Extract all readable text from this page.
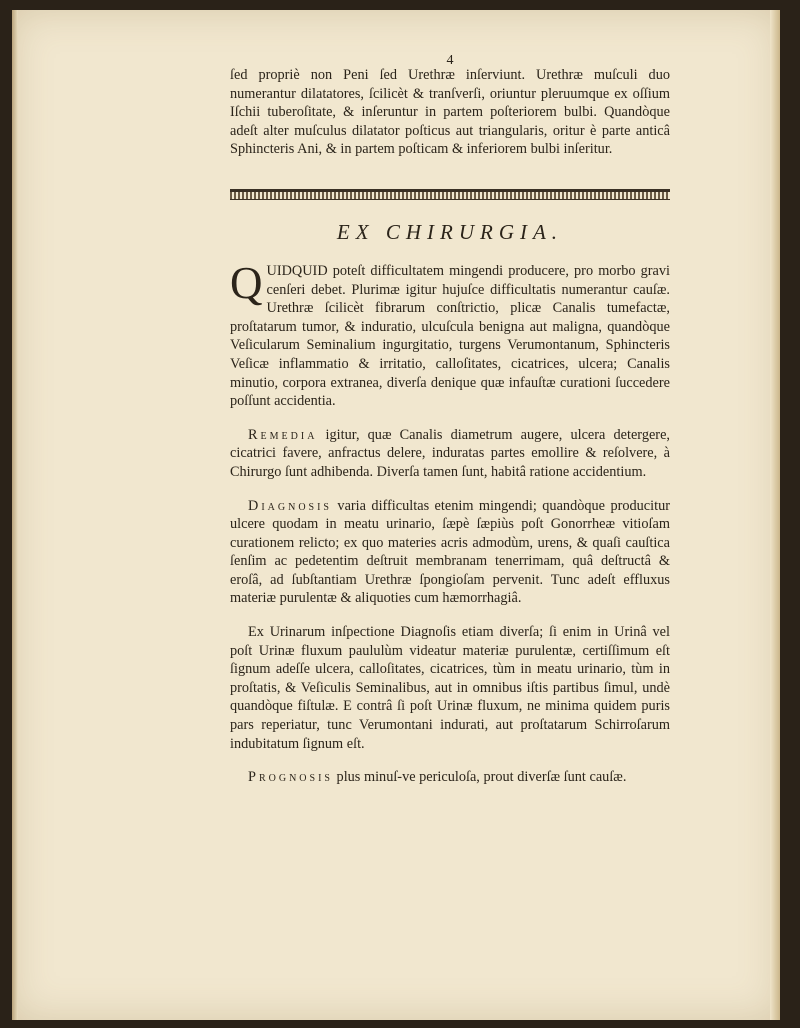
4

ſed propriè non Peni ſed Urethræ inſerviunt. Urethræ muſculi duo numerantur dilatatores, ſcilicèt & tranſverſi, oriuntur pleruumque ex oſſium Iſchii tuberoſitate, & inſeruntur in partem poſteriorem bulbi. Quandòque adeſt alter muſculus dilatator poſticus aut triangularis, oritur è parte anticâ Sphincteris Ani, & in partem poſticam & inferiorem bulbi inſeritur.

EX CHIRURGIA.

QUIDQUID poteſt difficultatem mingendi producere, pro morbo gravi cenſeri debet. Plurimæ igitur hujuſce difficultatis numerantur cauſæ. Urethræ ſcilicèt fibrarum conſtrictio, plicæ Canalis tumefactæ, proſtatarum tumor, & induratio, ulcuſcula benigna aut maligna, quandòque Veſicularum Seminalium ingurgitatio, turgens Verumontanum, Sphincteris Veſicæ inflammatio & irritatio, calloſitates, cicatrices, ulcera; Canalis minutio, corpora extranea, diverſa denique quæ infauſtæ curationi ſuccedere poſſunt accidentia.

Remedia igitur, quæ Canalis diametrum augere, ulcera detergere, cicatrici favere, anfractus delere, induratas partes emollire & reſolvere, à Chirurgo ſunt adhibenda. Diverſa tamen ſunt, habitâ ratione accidentium.

Diagnosis varia difficultas etenim mingendi; quandòque producitur ulcere quodam in meatu urinario, ſæpè ſæpiùs poſt Gonorrheæ vitioſam curationem relicto; ex quo materies acris admodùm, urens, & quaſi cauſtica ſenſim ac pedetentim deſtruit membranam tenerrimam, quâ deſtructâ & eroſâ, ad ſubſtantiam Urethræ ſpongioſam pervenit. Tunc adeſt effluxus materiæ purulentæ & aliquoties cum hæmorrhagiâ.

Ex Urinarum inſpectione Diagnoſis etiam diverſa; ſi enim in Urinâ vel poſt Urinæ fluxum paululùm videatur materiæ purulentæ, certiſſimum eſt ſignum adeſſe ulcera, calloſitates, cicatrices, tùm in meatu urinario, tùm in proſtatis, & Veſiculis Seminalibus, aut in omnibus iſtis partibus ſimul, undè quandòque fiſtulæ. E contrâ ſi poſt Urinæ fluxum, ne minima quidem puris pars reperiatur, tunc Verumontani indurati, aut proſtatarum Schirroſarum indubitatum ſignum eſt.

Prognosis plus minuſ-ve periculoſa, prout diverſæ ſunt cauſæ.
